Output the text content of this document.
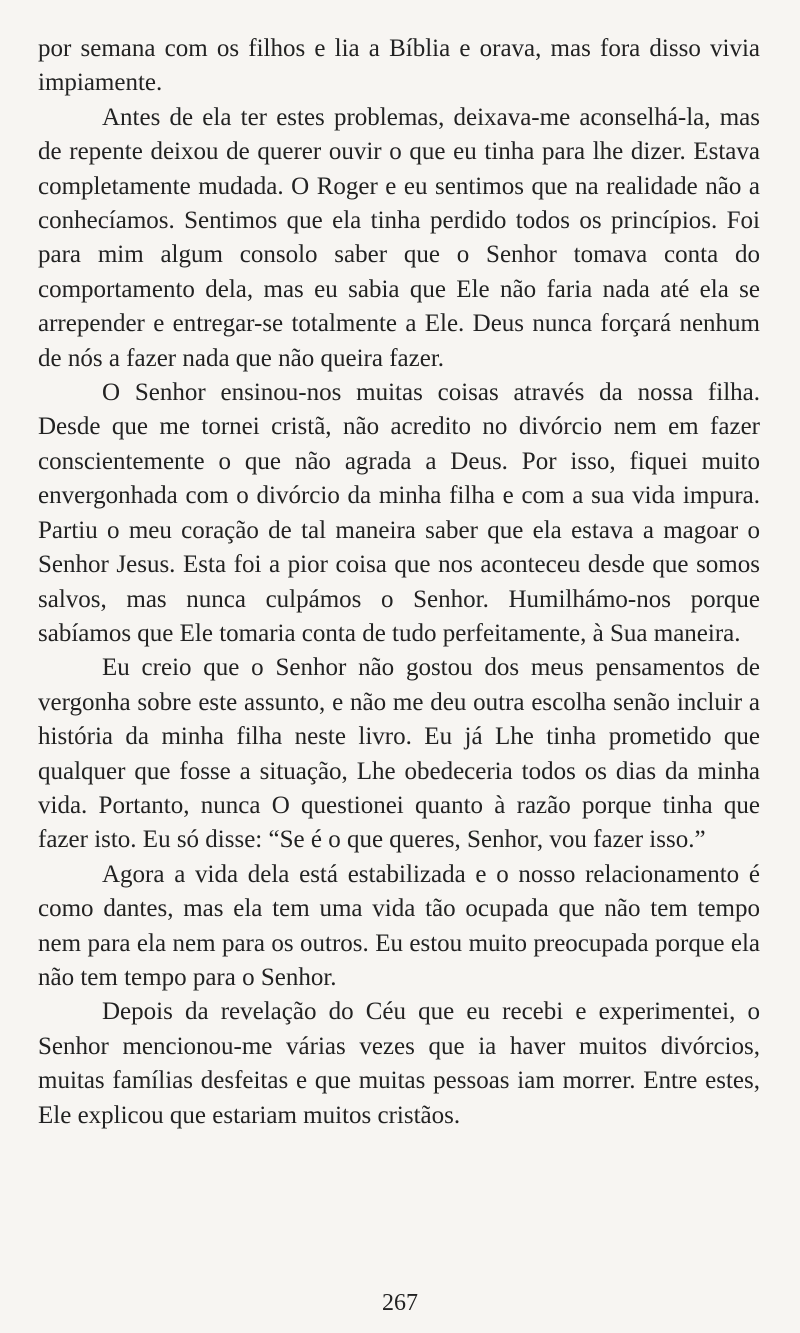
por semana com os filhos e lia a Bíblia e orava, mas fora disso vivia impiamente.

Antes de ela ter estes problemas, deixava-me aconselhá-la, mas de repente deixou de querer ouvir o que eu tinha para lhe dizer. Estava completamente mudada. O Roger e eu sentimos que na realidade não a conhecíamos. Sentimos que ela tinha perdido todos os princípios. Foi para mim algum consolo saber que o Senhor tomava conta do comportamento dela, mas eu sabia que Ele não faria nada até ela se arrepender e entregar-se totalmente a Ele. Deus nunca forçará nenhum de nós a fazer nada que não queira fazer.

O Senhor ensinou-nos muitas coisas através da nossa filha. Desde que me tornei cristã, não acredito no divórcio nem em fazer conscientemente o que não agrada a Deus. Por isso, fiquei muito envergonhada com o divórcio da minha filha e com a sua vida impura. Partiu o meu coração de tal maneira saber que ela estava a magoar o Senhor Jesus. Esta foi a pior coisa que nos aconteceu desde que somos salvos, mas nunca culpámos o Senhor. Humilhámo-nos porque sabíamos que Ele tomaria conta de tudo perfeitamente, à Sua maneira.

Eu creio que o Senhor não gostou dos meus pensamentos de vergonha sobre este assunto, e não me deu outra escolha senão incluir a história da minha filha neste livro. Eu já Lhe tinha prometido que qualquer que fosse a situação, Lhe obedeceria todos os dias da minha vida. Portanto, nunca O questionei quanto à razão porque tinha que fazer isto. Eu só disse: “Se é o que queres, Senhor, vou fazer isso.”

Agora a vida dela está estabilizada e o nosso relacionamento é como dantes, mas ela tem uma vida tão ocupada que não tem tempo nem para ela nem para os outros. Eu estou muito preocupada porque ela não tem tempo para o Senhor.

Depois da revelação do Céu que eu recebi e experimentei, o Senhor mencionou-me várias vezes que ia haver muitos divórcios, muitas famílias desfeitas e que muitas pessoas iam morrer. Entre estes, Ele explicou que estariam muitos cristãos.

267
